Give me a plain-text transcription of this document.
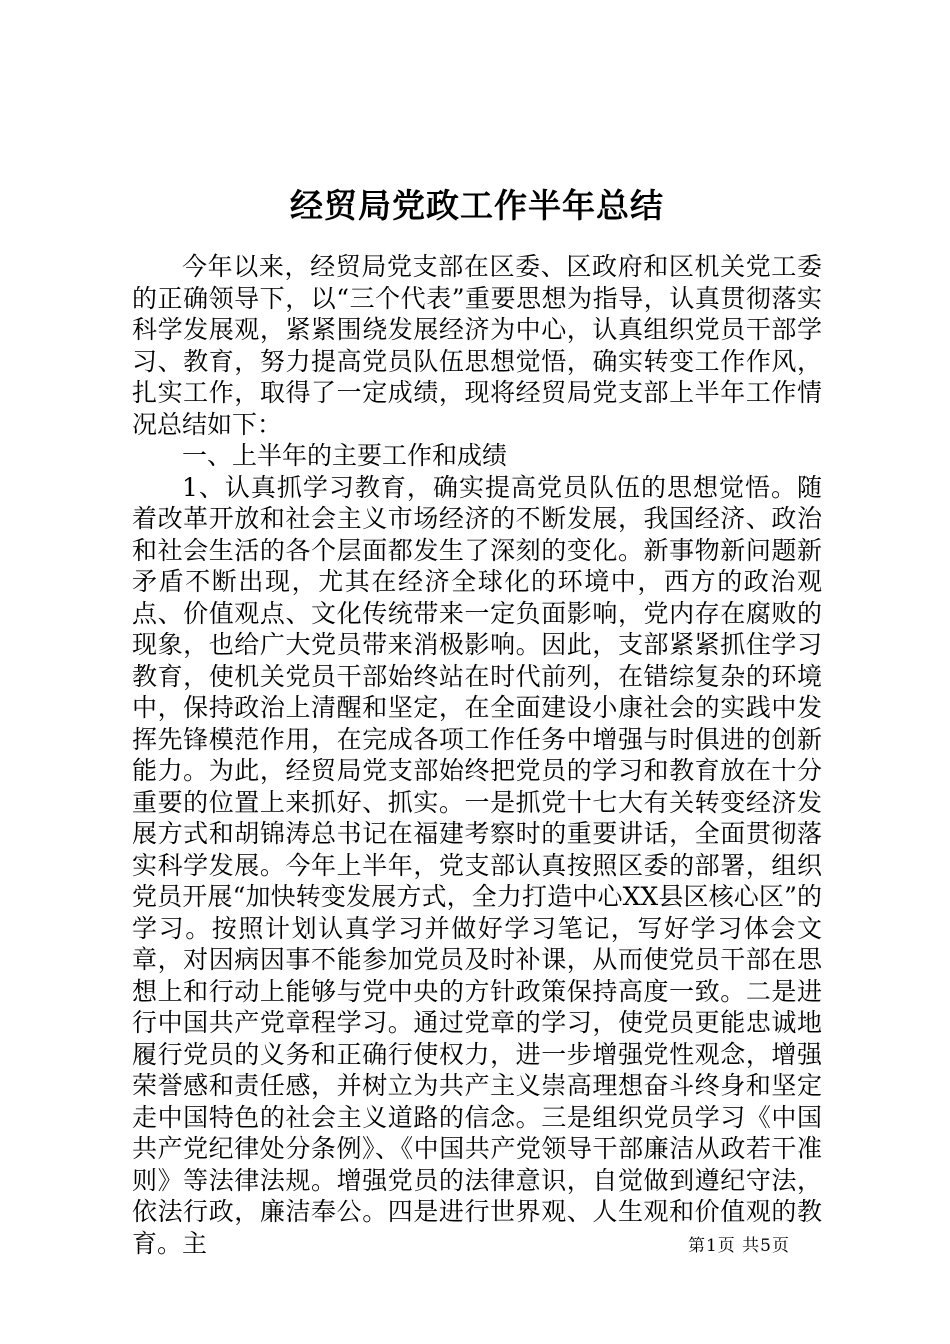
经贸局党政工作半年总结

今年以来，经贸局党支部在区委、区政府和区机关党工委的正确领导下，以“三个代表”重要思想为指导，认真贯彻落实科学发展观，紧紧围绕发展经济为中心，认真组织党员干部学习、教育，努力提高党员队伍思想觉悟，确实转变工作作风，扎实工作，取得了一定成绩，现将经贸局党支部上半年工作情况总结如下：

一、上半年的主要工作和成绩

1、认真抓学习教育，确实提高党员队伍的思想觉悟。随着改革开放和社会主义市场经济的不断发展，我国经济、政治和社会生活的各个层面都发生了深刻的变化。新事物新问题新矛盾不断出现，尤其在经济全球化的环境中，西方的政治观点、价值观点、文化传统带来一定负面影响，党内存在腐败的现象，也给广大党员带来消极影响。因此，支部紧紧抓住学习教育，使机关党员干部始终站在时代前列，在错综复杂的环境中，保持政治上清醒和坚定，在全面建设小康社会的实践中发挥先锋模范作用，在完成各项工作任务中增强与时俱进的创新能力。为此，经贸局党支部始终把党员的学习和教育放在十分重要的位置上来抓好、抓实。一是抓党十七大有关转变经济发展方式和胡锦涛总书记在福建考察时的重要讲话，全面贯彻落实科学发展。今年上半年，党支部认真按照区委的部署，组织党员开展“加快转变发展方式，全力打造中心XX县区核心区”的学习。按照计划认真学习并做好学习笔记，写好学习体会文章，对因病因事不能参加党员及时补课，从而使党员干部在思想上和行动上能够与党中央的方针政策保持高度一致。二是进行中国共产党章程学习。通过党章的学习，使党员更能忠诚地履行党员的义务和正确行使权力，进一步增强党性观念，增强荣誉感和责任感，并树立为共产主义崇高理想奋斗终身和坚定走中国特色的社会主义道路的信念。三是组织党员学习《中国共产党纪律处分条例》、《中国共产党领导干部廉洁从政若干准则》等法律法规。增强党员的法律意识，自觉做到遵纪守法，依法行政，廉洁奉公。四是进行世界观、人生观和价值观的教育。主	第1页 共5页
